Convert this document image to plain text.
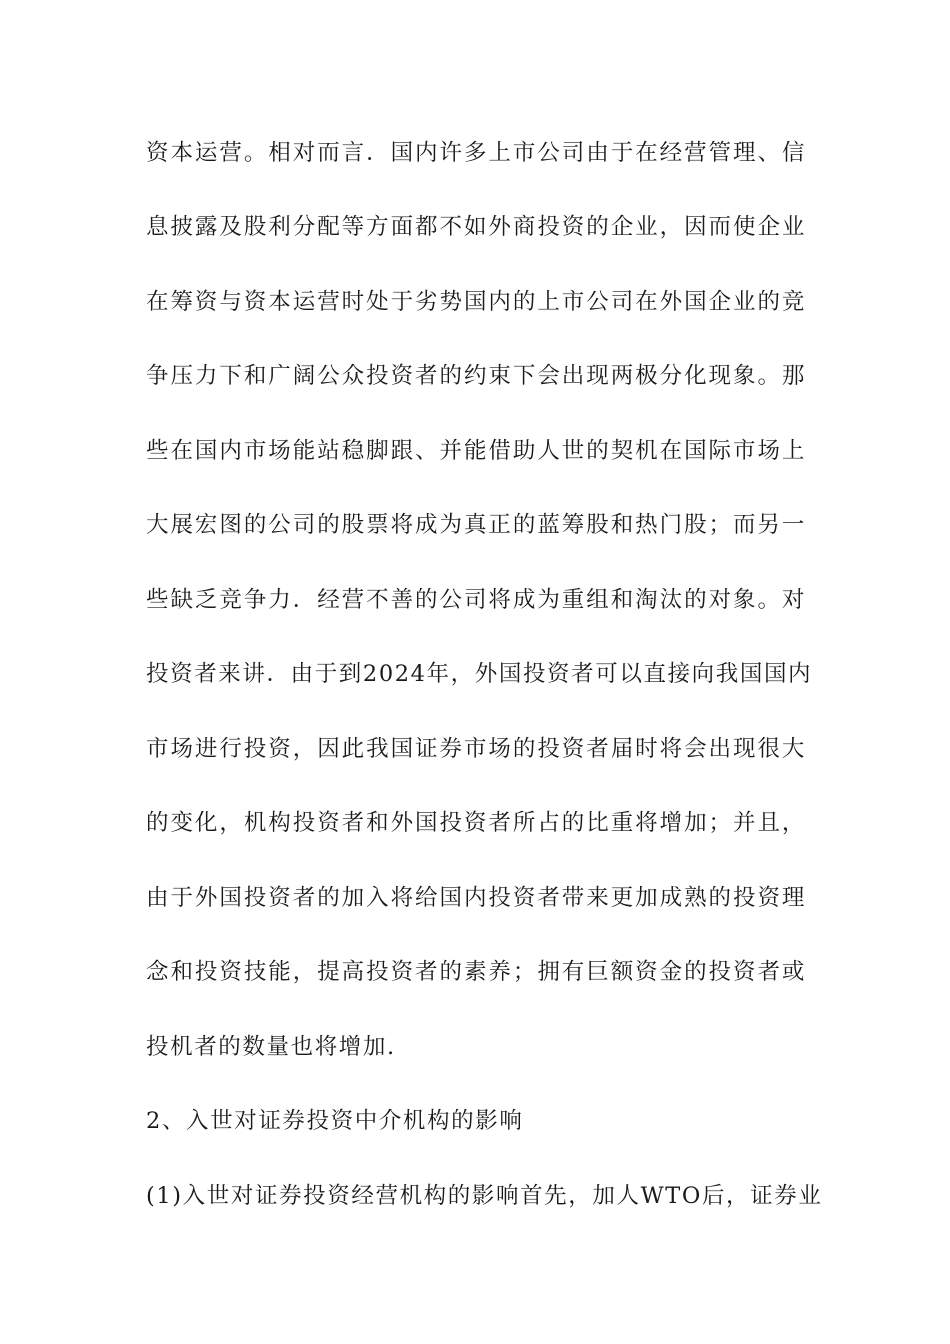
资本运营。相对而言．国内许多上市公司由于在经营管理、信
息披露及股利分配等方面都不如外商投资的企业，因而使企业
在筹资与资本运营时处于劣势国内的上市公司在外国企业的竞
争压力下和广阔公众投资者的约束下会出现两极分化现象。那
些在国内市场能站稳脚跟、并能借助人世的契机在国际市场上
大展宏图的公司的股票将成为真正的蓝筹股和热门股；而另一
些缺乏竞争力．经营不善的公司将成为重组和淘汰的对象。对
投资者来讲．由于到2024年，外国投资者可以直接向我国国内
市场进行投资，因此我国证券市场的投资者届时将会出现很大
的变化，机构投资者和外国投资者所占的比重将增加；并且，
由于外国投资者的加入将给国内投资者带来更加成熟的投资理
念和投资技能，提高投资者的素养；拥有巨额资金的投资者或
投机者的数量也将增加.
2、入世对证券投资中介机构的影响
(1)入世对证券投资经营机构的影响首先，加人WTO后，证券业
